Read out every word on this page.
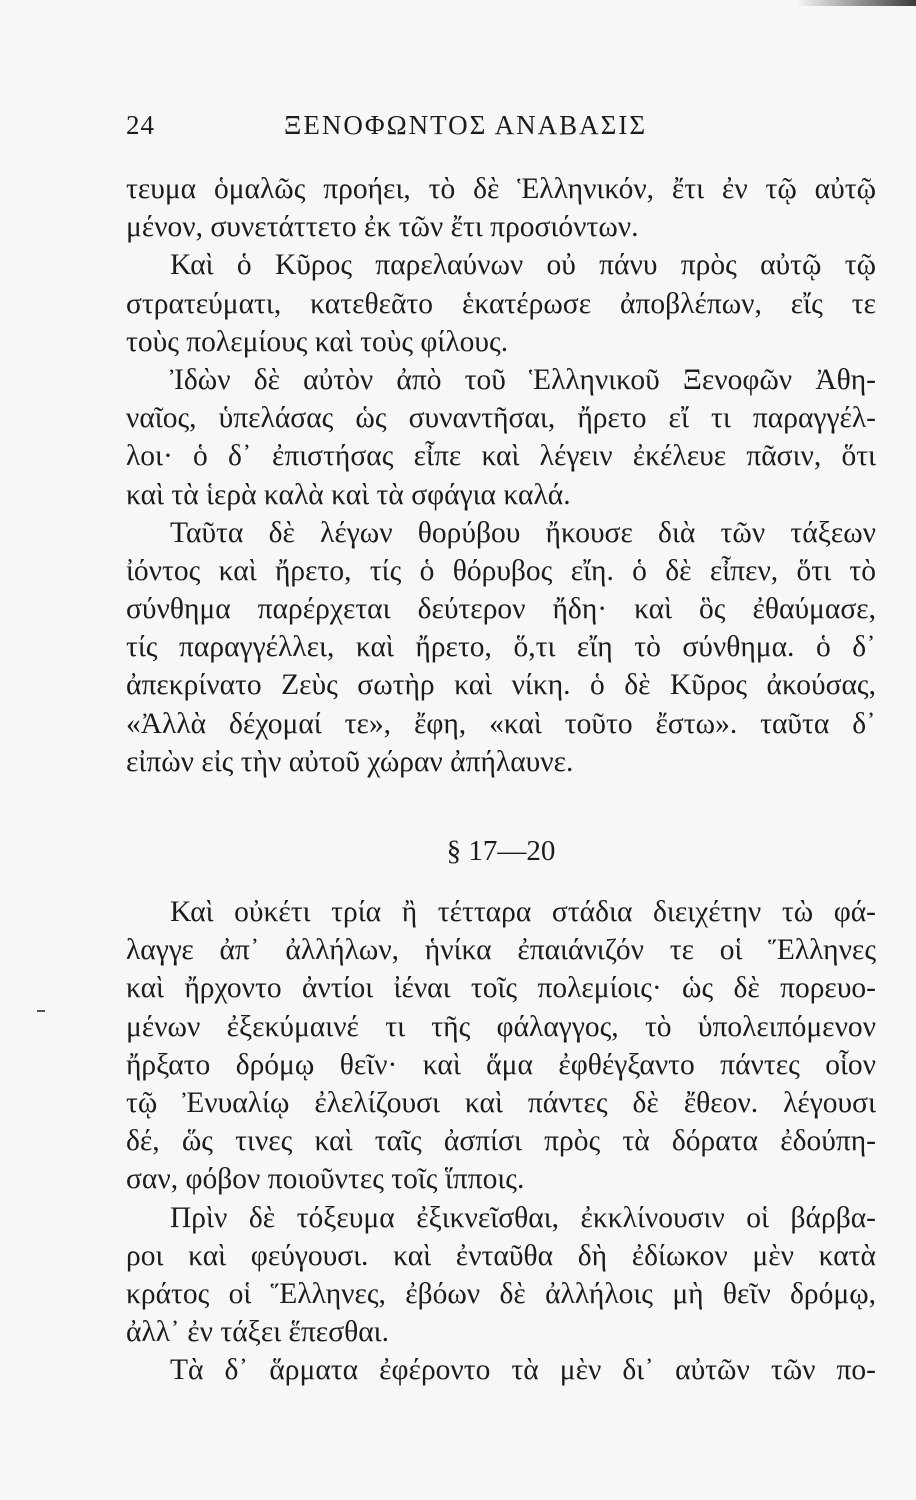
24	ΞΕΝΟΦΩΝΤΟΣ ΑΝΑΒΑΣΙΣ
τευμα ὁμαλῶς προήει, τὸ δὲ Ἑλληνικόν, ἔτι ἐν τῷ αὐτῷ
μένον, συνετάττετο ἐκ τῶν ἔτι προσιόντων.
Καὶ ὁ Κῦρος παρελαύνων οὐ πάνυ πρὸς αὐτῷ τῷ
στρατεύματι, κατεθεᾶτο ἑκατέρωσε ἀποβλέπων, εἴς τε
τοὺς πολεμίους καὶ τοὺς φίλους.
Ἰδὼν δὲ αὐτὸν ἀπὸ τοῦ Ἑλληνικοῦ Ξενοφῶν Ἀθη-
ναῖος, ὑπελάσας ὡς συναντῆσαι, ἤρετο εἴ τι παραγγέλ-
λοι· ὁ δ᾽ ἐπιστήσας εἶπε καὶ λέγειν ἐκέλευε πᾶσιν, ὅτι
καὶ τὰ ἱερὰ καλὰ καὶ τὰ σφάγια καλά.
Ταῦτα δὲ λέγων θορύβου ἤκουσε διὰ τῶν τάξεων
ἰόντος καὶ ἤρετο, τίς ὁ θόρυβος εἴη. ὁ δὲ εἶπεν, ὅτι τὸ
σύνθημα παρέρχεται δεύτερον ἤδη· καὶ ὃς ἐθαύμασε,
τίς παραγγέλλει, καὶ ἤρετο, ὅ,τι εἴη τὸ σύνθημα. ὁ δ᾽
ἀπεκρίνατο Ζεὺς σωτὴρ καὶ νίκη. ὁ δὲ Κῦρος ἀκούσας,
«Ἀλλὰ δέχομαί τε», ἔφη, «καὶ τοῦτο ἔστω». ταῦτα δ᾽
εἰπὼν εἰς τὴν αὐτοῦ χώραν ἀπήλαυνε.
§ 17—20
Καὶ οὐκέτι τρία ἢ τέτταρα στάδια διειχέτην τὼ φά-
λαγγε ἀπ᾽ ἀλλήλων, ἡνίκα ἐπαιάνιζόν τε οἱ Ἕλληνες
καὶ ἤρχοντο ἀντίοι ἰέναι τοῖς πολεμίοις· ὡς δὲ πορευο-
μένων ἐξεκύμαινέ τι τῆς φάλαγγος, τὸ ὑπολειπόμενον
ἤρξατο δρόμῳ θεῖν· καὶ ἅμα ἐφθέγξαντο πάντες οἷον
τῷ Ἐνυαλίῳ ἐλελίζουσι καὶ πάντες δὲ ἔθεον. λέγουσι
δέ, ὥς τινες καὶ ταῖς ἀσπίσι πρὸς τὰ δόρατα ἐδούπη-
σαν, φόβον ποιοῦντες τοῖς ἵπποις.
Πρὶν δὲ τόξευμα ἐξικνεῖσθαι, ἐκκλίνουσιν οἱ βάρβα-
ροι καὶ φεύγουσι. καὶ ἐνταῦθα δὴ ἐδίωκον μὲν κατὰ
κράτος οἱ Ἕλληνες, ἐβόων δὲ ἀλλήλοις μὴ θεῖν δρόμῳ,
ἀλλ᾽ ἐν τάξει ἕπεσθαι.
Τὰ δ᾽ ἅρματα ἐφέροντο τὰ μὲν δι᾽ αὐτῶν τῶν πο-
